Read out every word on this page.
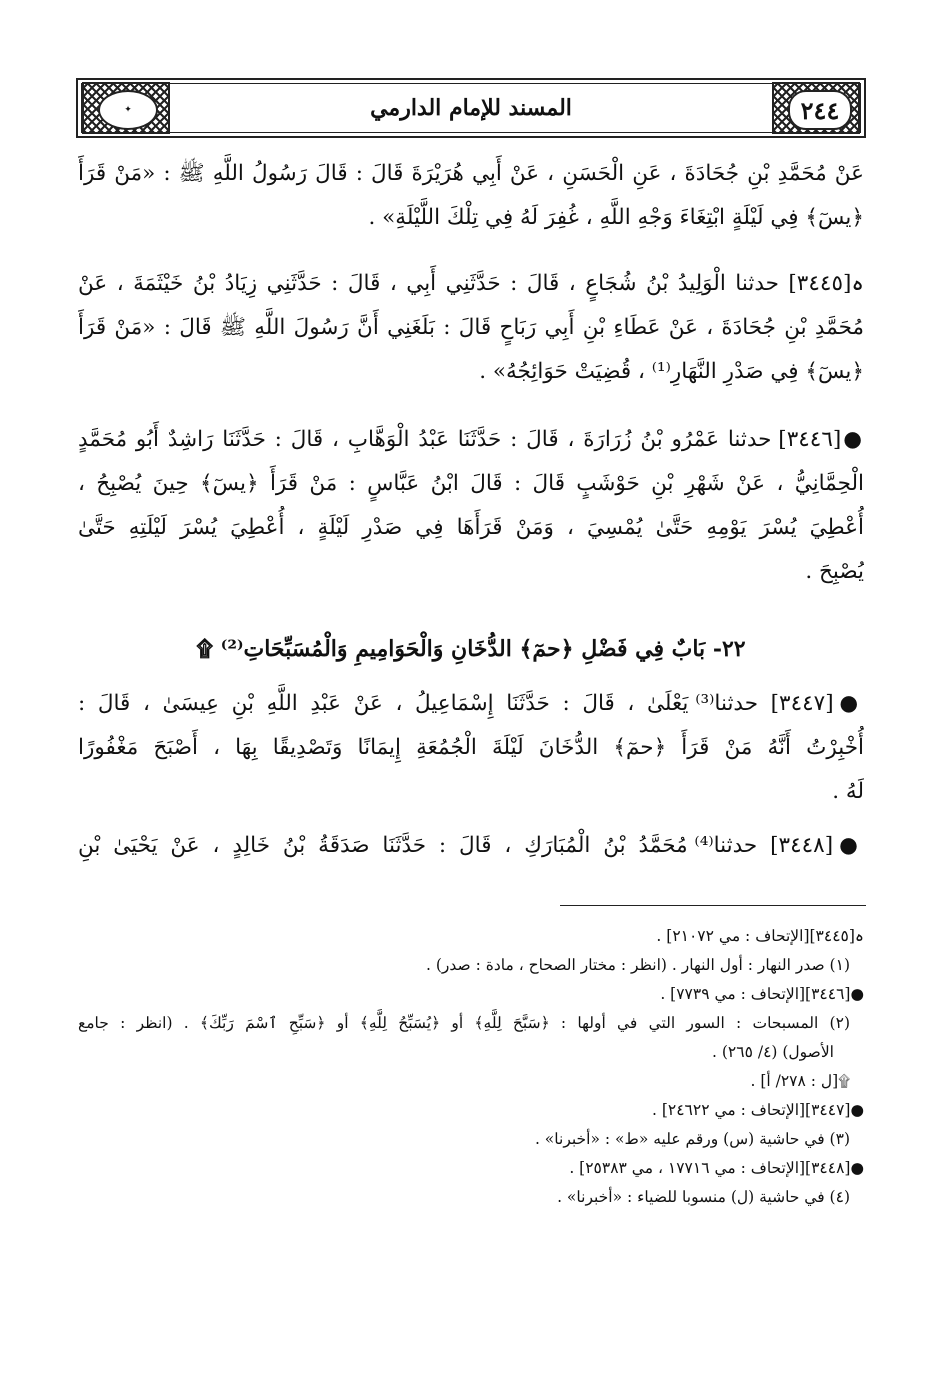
✦	المسند للإمام الدارمي	٢٤٤
عَنْ مُحَمَّدِ بْنِ جُحَادَةَ ، عَنِ الْحَسَنِ ، عَنْ أَبِي هُرَيْرَةَ قَالَ : قَالَ رَسُولُ اللَّهِ ﷺ : «مَنْ قَرَأَ
﴿يسٓ﴾ فِي لَيْلَةٍ ابْتِغَاءَ وَجْهِ اللَّهِ ، غُفِرَ لَهُ فِي تِلْكَ اللَّيْلَةِ» .
ہ[٣٤٤٥] حدثنا الْوَلِيدُ بْنُ شُجَاعٍ ، قَالَ : حَدَّثَنِي أَبِي ، قَالَ : حَدَّثَنِي زِيَادُ بْنُ خَيْثَمَةَ ، عَنْ
مُحَمَّدِ بْنِ جُحَادَةَ ، عَنْ عَطَاءِ بْنِ أَبِي رَبَاحٍ قَالَ : بَلَغَنِي أَنَّ رَسُولَ اللَّهِ ﷺ قَالَ : «مَنْ قَرَأَ
﴿يسٓ﴾ فِي صَدْرِ النَّهَارِ⁽¹⁾ ، قُضِيَتْ حَوَائِجُهُ» .
●[٣٤٤٦] حدثنا عَمْرُو بْنُ زُرَارَةَ ، قَالَ : حَدَّثَنَا عَبْدُ الْوَهَّابِ ، قَالَ : حَدَّثَنَا رَاشِدٌ أَبُو مُحَمَّدٍ
الْحِمَّانِيُّ ، عَنْ شَهْرِ بْنِ حَوْشَبٍ قَالَ : قَالَ ابْنُ عَبَّاسٍ : مَنْ قَرَأَ ﴿يسٓ﴾ حِينَ يُصْبِحُ ،
أُعْطِيَ يُسْرَ يَوْمِهِ حَتَّىٰ يُمْسِيَ ، وَمَنْ قَرَأَهَا فِي صَدْرِ لَيْلَةٍ ، أُعْطِيَ يُسْرَ لَيْلَتِهِ حَتَّىٰ
يُصْبِحَ .
٢٢- بَابٌ فِي فَضْلِ ﴿حمٓ﴾ الدُّخَانِ وَالْحَوَامِيمِ وَالْمُسَبِّحَاتِ⁽²⁾ ۩
●[٣٤٤٧] حدثنا⁽³⁾ يَعْلَىٰ ، قَالَ : حَدَّثَنَا إِسْمَاعِيلُ ، عَنْ عَبْدِ اللَّهِ بْنِ عِيسَىٰ ، قَالَ :
أُخْبِرْتُ أَنَّهُ مَنْ قَرَأَ ﴿حمٓ﴾ الدُّخَانَ لَيْلَةَ الْجُمُعَةِ إِيمَانًا وَتَصْدِيقًا بِهَا ، أَصْبَحَ مَغْفُورًا
لَهُ .
●[٣٤٤٨] حدثنا⁽⁴⁾ مُحَمَّدُ بْنُ الْمُبَارَكِ ، قَالَ : حَدَّثَنَا صَدَقَةُ بْنُ خَالِدٍ ، عَنْ يَحْيَىٰ بْنِ
ہ[٣٤٤٥][الإتحاف : مي ٢١٠٧٢] .
(١) صدر النهار : أول النهار . (انظر : مختار الصحاح ، مادة : صدر) .
●[٣٤٤٦][الإتحاف : مي ٧٧٣٩] .
(٢) المسبحات : السور التي في أولها : ﴿سَبَّحَ لِلَّهِ﴾ أو ﴿يُسَبِّحُ لِلَّهِ﴾ أو ﴿سَبِّحِ ٱسْمَ رَبِّكَ﴾ . (انظر : جامع
الأصول) (٤/ ٢٦٥) .
۩[ل : ٢٧٨/ أ] .
●[٣٤٤٧][الإتحاف : مي ٢٤٦٢٢] .
(٣) في حاشية (س) ورقم عليه «ط» : «أخبرنا» .
●[٣٤٤٨][الإتحاف : مي ١٧٧١٦ ، مي ٢٥٣٨٣] .
(٤) في حاشية (ل) منسوبا للضياء : «أخبرنا» .
